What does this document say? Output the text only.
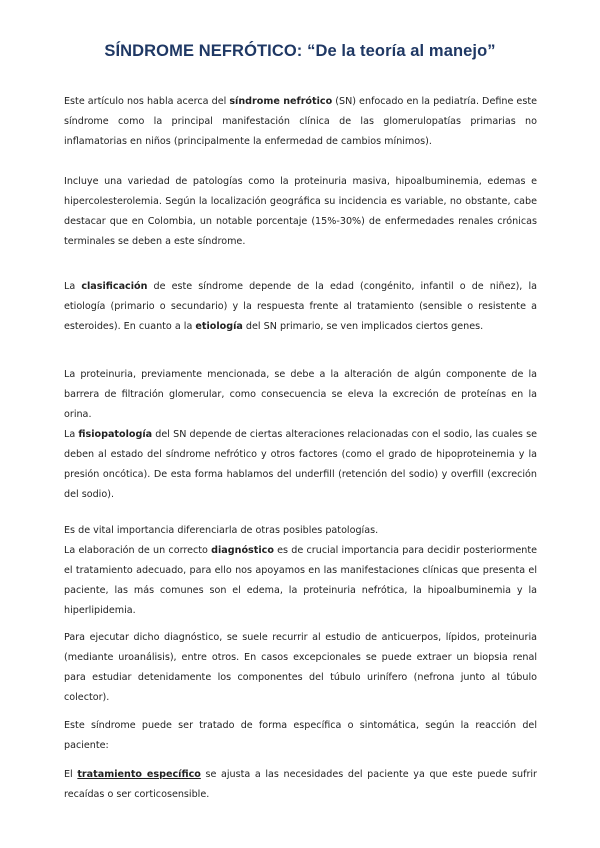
SÍNDROME NEFRÓTICO: “De la teoría al manejo”

Este artículo nos habla acerca del síndrome nefrótico (SN) enfocado en la pediatría. Define este síndrome como la principal manifestación clínica de las glomerulopatías primarias no inflamatorias en niños (principalmente la enfermedad de cambios mínimos).

Incluye una variedad de patologías como la proteinuria masiva, hipoalbuminemia, edemas e hipercolesterolemia. Según la localización geográfica su incidencia es variable, no obstante, cabe destacar que en Colombia, un notable porcentaje (15%-30%) de enfermedades renales crónicas terminales se deben a este síndrome.

La clasificación de este síndrome depende de la edad (congénito, infantil o de niñez), la etiología (primario o secundario) y la respuesta frente al tratamiento (sensible o resistente a esteroides). En cuanto a la etiología del SN primario, se ven implicados ciertos genes.

La proteinuria, previamente mencionada, se debe a la alteración de algún componente de la barrera de filtración glomerular, como consecuencia se eleva la excreción de proteínas en la orina.

La fisiopatología del SN depende de ciertas alteraciones relacionadas con el sodio, las cuales se deben al estado del síndrome nefrótico y otros factores (como el grado de hipoproteinemia y la presión oncótica). De esta forma hablamos del underfill (retención del sodio) y overfill (excreción del sodio).

Es de vital importancia diferenciarla de otras posibles patologías.

La elaboración de un correcto diagnóstico es de crucial importancia para decidir posteriormente el tratamiento adecuado, para ello nos apoyamos en las manifestaciones clínicas que presenta el paciente, las más comunes son el edema, la proteinuria nefrótica, la hipoalbuminemia y la hiperlipidemia.

Para ejecutar dicho diagnóstico, se suele recurrir al estudio de anticuerpos, lípidos, proteinuria (mediante uroanálisis), entre otros. En casos excepcionales se puede extraer un biopsia renal para estudiar detenidamente los componentes del túbulo urinífero (nefrona junto al túbulo colector).

Este síndrome puede ser tratado de forma específica o sintomática, según la reacción del paciente:

El tratamiento específico se ajusta a las necesidades del paciente ya que este puede sufrir recaídas o ser corticosensible.
